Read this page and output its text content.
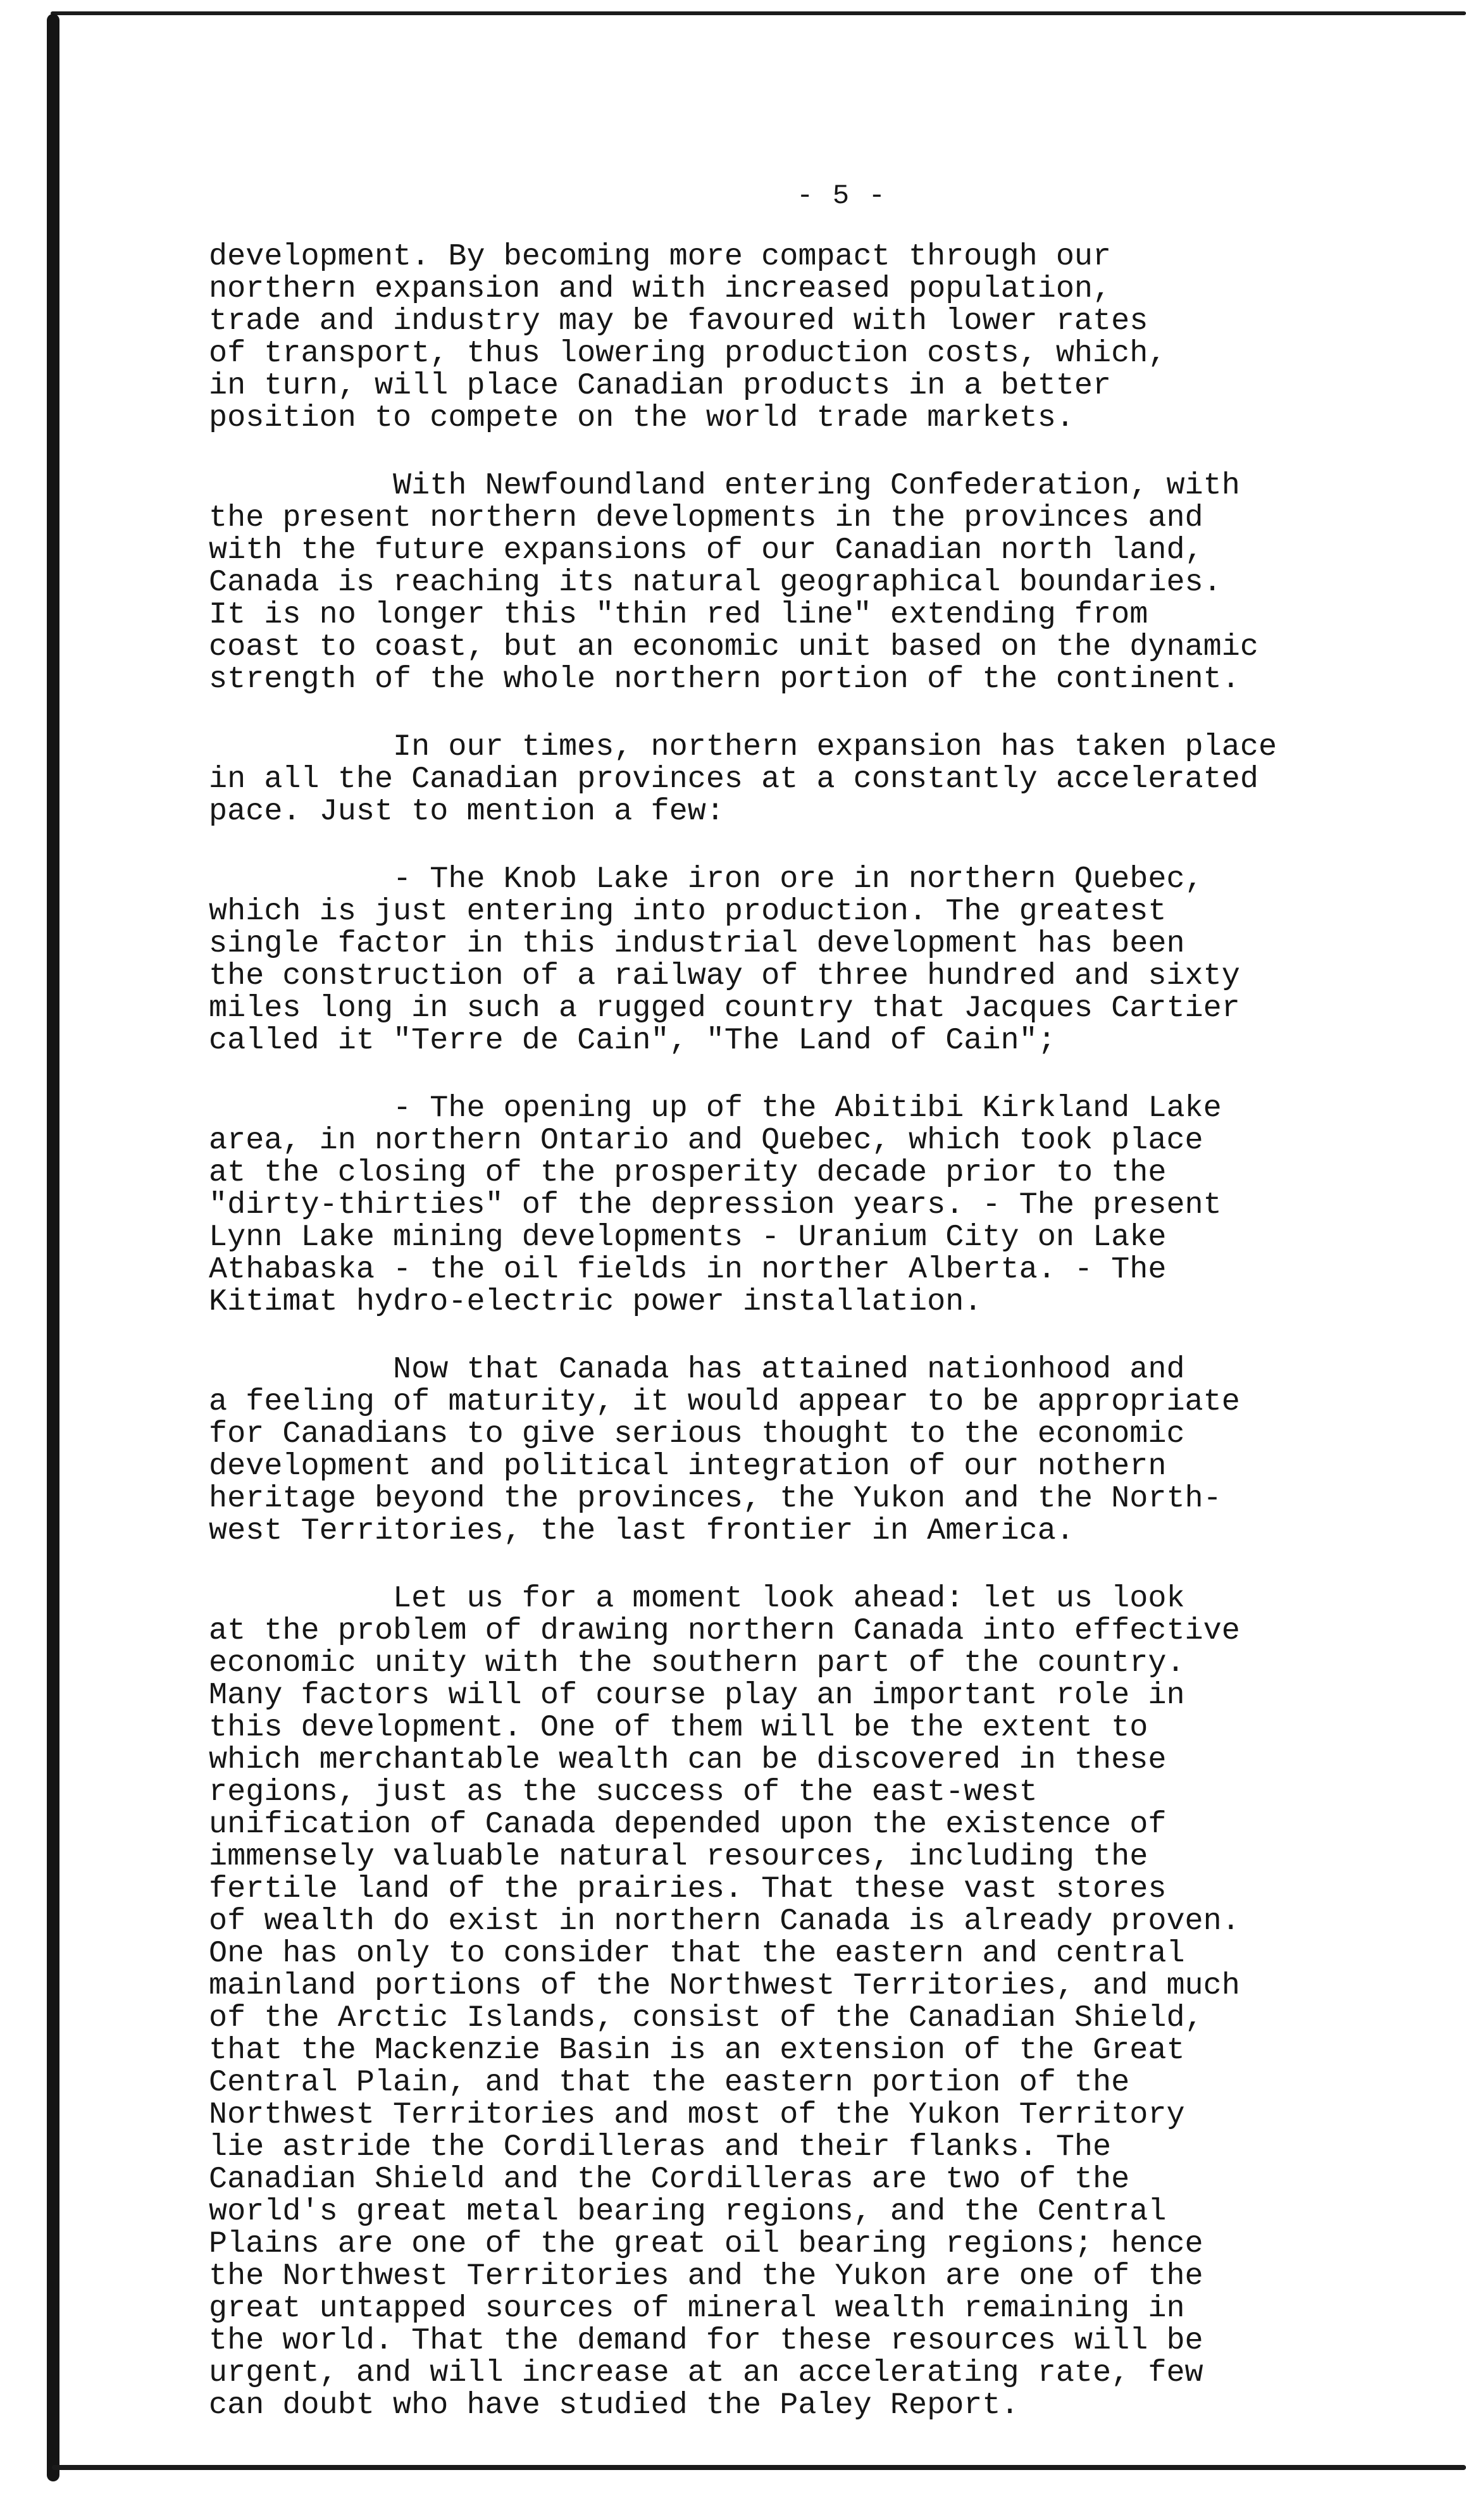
- 5 -
development. By becoming more compact through our
northern expansion and with increased population,
trade and industry may be favoured with lower rates
of transport, thus lowering production costs, which,
in turn, will place Canadian products in a better
position to compete on the world trade markets.
With Newfoundland entering Confederation, with
the present northern developments in the provinces and
with the future expansions of our Canadian north land,
Canada is reaching its natural geographical boundaries.
It is no longer this "thin red line" extending from
coast to coast, but an economic unit based on the dynamic
strength of the whole northern portion of the continent.
In our times, northern expansion has taken place
in all the Canadian provinces at a constantly accelerated
pace. Just to mention a few:
- The Knob Lake iron ore in northern Quebec,
which is just entering into production. The greatest
single factor in this industrial development has been
the construction of a railway of three hundred and sixty
miles long in such a rugged country that Jacques Cartier
called it "Terre de Cain", "The Land of Cain";
- The opening up of the Abitibi Kirkland Lake
area, in northern Ontario and Quebec, which took place
at the closing of the prosperity decade prior to the
"dirty-thirties" of the depression years. - The present
Lynn Lake mining developments - Uranium City on Lake
Athabaska - the oil fields in norther Alberta. - The
Kitimat hydro-electric power installation.
Now that Canada has attained nationhood and
a feeling of maturity, it would appear to be appropriate
for Canadians to give serious thought to the economic
development and political integration of our nothern
heritage beyond the provinces, the Yukon and the North-
west Territories, the last frontier in America.
Let us for a moment look ahead: let us look
at the problem of drawing northern Canada into effective
economic unity with the southern part of the country.
Many factors will of course play an important role in
this development. One of them will be the extent to
which merchantable wealth can be discovered in these
regions, just as the success of the east-west
unification of Canada depended upon the existence of
immensely valuable natural resources, including the
fertile land of the prairies. That these vast stores
of wealth do exist in northern Canada is already proven.
One has only to consider that the eastern and central
mainland portions of the Northwest Territories, and much
of the Arctic Islands, consist of the Canadian Shield,
that the Mackenzie Basin is an extension of the Great
Central Plain, and that the eastern portion of the
Northwest Territories and most of the Yukon Territory
lie astride the Cordilleras and their flanks. The
Canadian Shield and the Cordilleras are two of the
world's great metal bearing regions, and the Central
Plains are one of the great oil bearing regions; hence
the Northwest Territories and the Yukon are one of the
great untapped sources of mineral wealth remaining in
the world. That the demand for these resources will be
urgent, and will increase at an accelerating rate, few
can doubt who have studied the Paley Report.
